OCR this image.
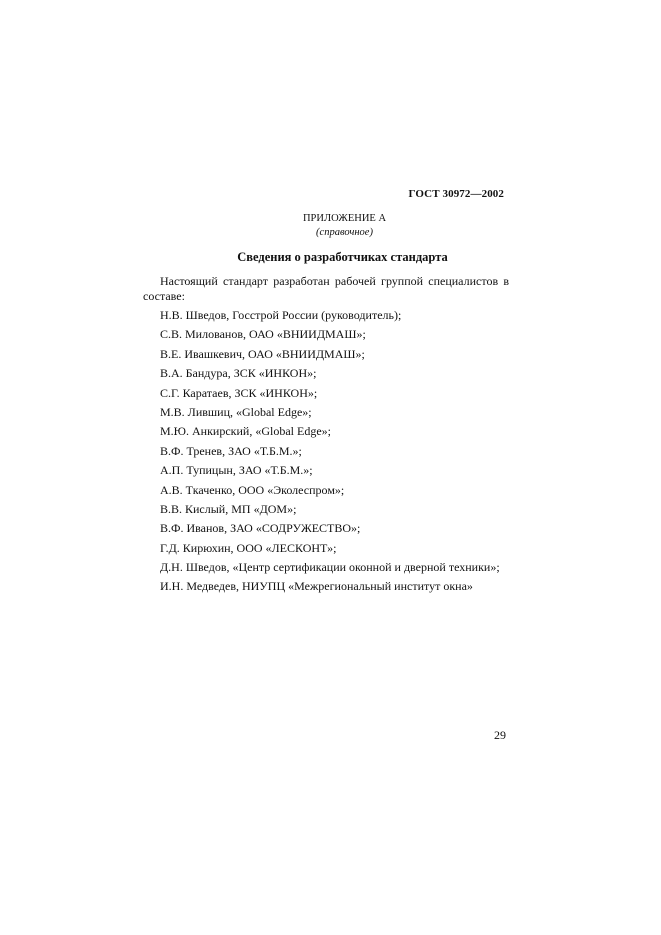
ГОСТ 30972—2002
ПРИЛОЖЕНИЕ А
(справочное)
Сведения о разработчиках стандарта
Настоящий стандарт разработан рабочей группой специалистов в составе:
Н.В. Шведов, Госстрой России (руководитель);
С.В. Милованов, ОАО «ВНИИДМАШ»;
В.Е. Ивашкевич, ОАО «ВНИИДМАШ»;
В.А. Бандура, ЗСК «ИНКОН»;
С.Г. Каратаев, ЗСК «ИНКОН»;
М.В. Лившиц, «Global Edge»;
М.Ю. Анкирский, «Global Edge»;
В.Ф. Тренев, ЗАО «Т.Б.М.»;
А.П. Тупицын, ЗАО «Т.Б.М.»;
А.В. Ткаченко, ООО «Эколеспром»;
В.В. Кислый, МП «ДОМ»;
В.Ф. Иванов, ЗАО «СОДРУЖЕСТВО»;
Г.Д. Кирюхин, ООО «ЛЕСКОНТ»;
Д.Н. Шведов, «Центр сертификации оконной и дверной техники»;
И.Н. Медведев, НИУПЦ «Межрегиональный институт окна»
29
